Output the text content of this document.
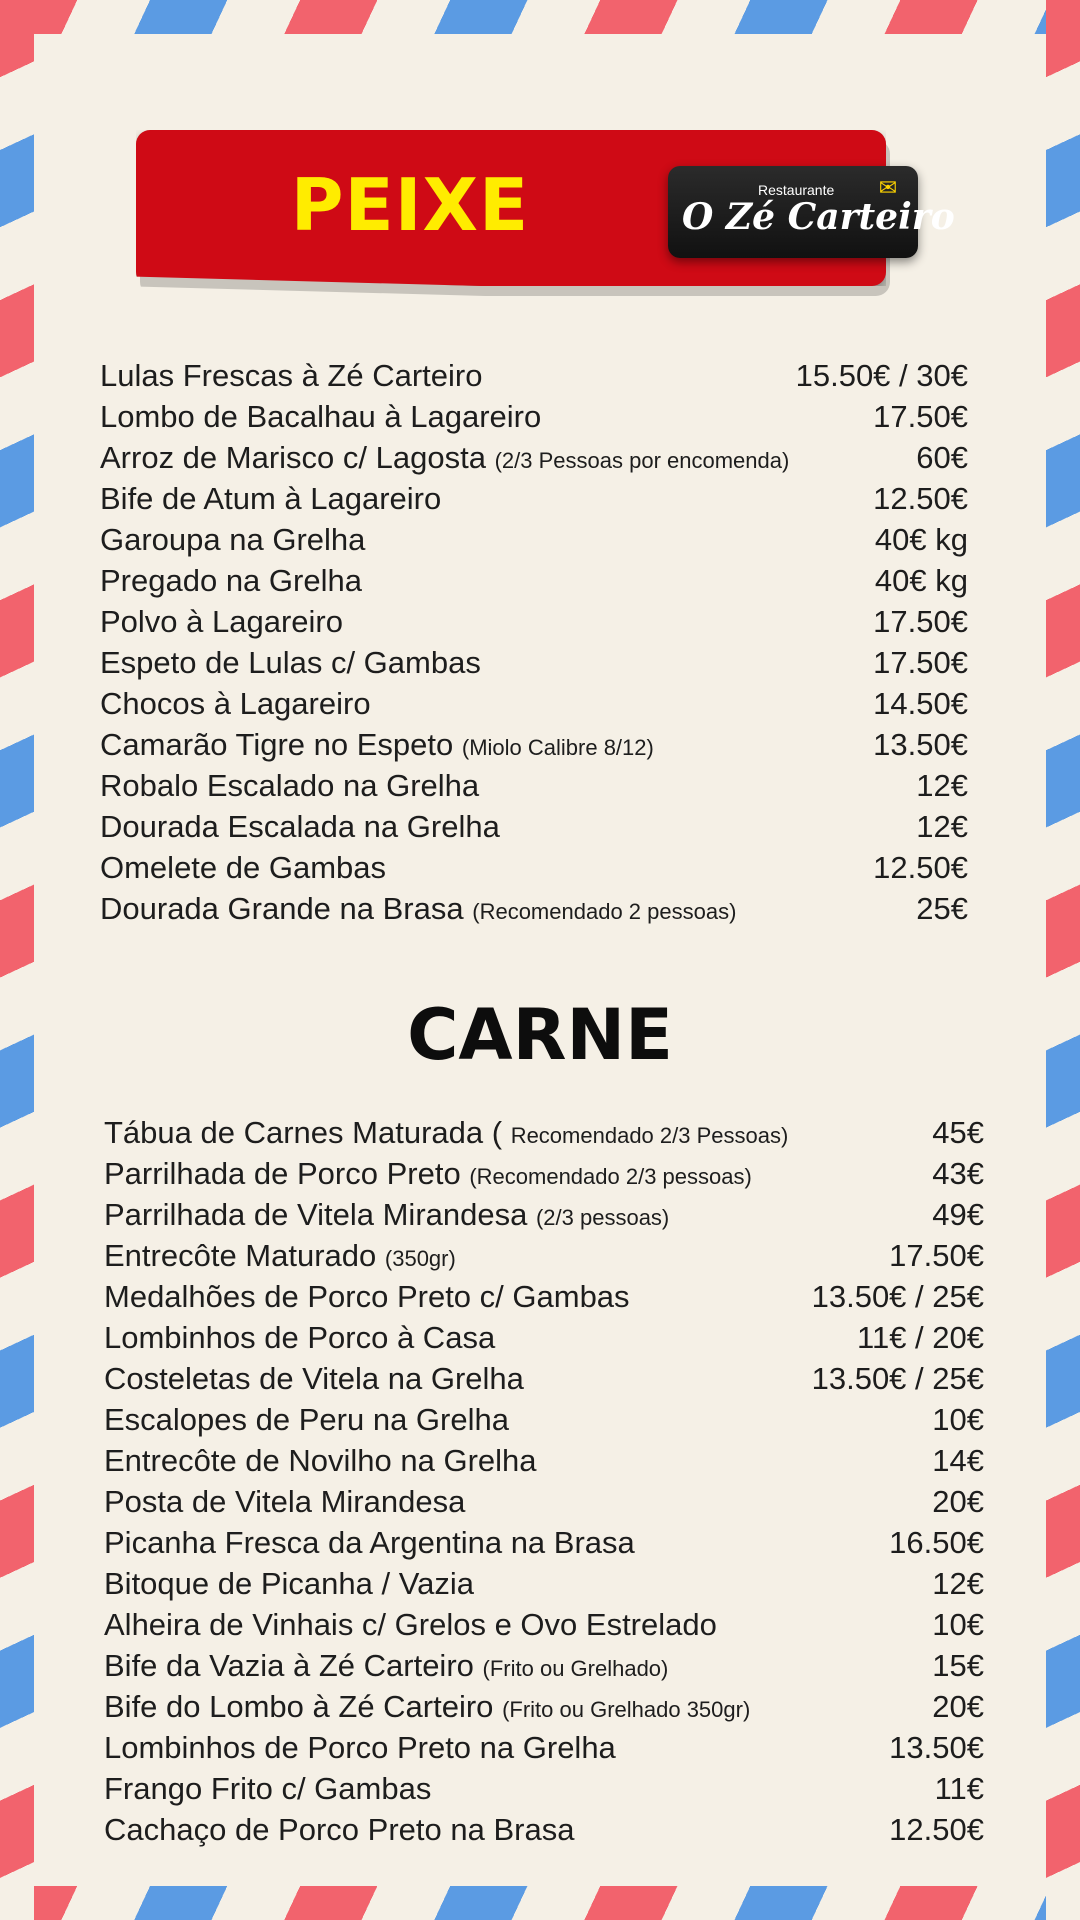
PEIXE	Restaurante
O Zé Carteiro
✉
Lulas Frescas à Zé Carteiro	15.50€ / 30€
Lombo de Bacalhau à Lagareiro	17.50€
Arroz de Marisco c/ Lagosta (2/3 Pessoas por encomenda)	60€
Bife de Atum à Lagareiro	12.50€
Garoupa na Grelha	40€ kg
Pregado na Grelha	40€ kg
Polvo à Lagareiro	17.50€
Espeto de Lulas c/ Gambas	17.50€
Chocos à Lagareiro	14.50€
Camarão Tigre no Espeto (Miolo Calibre 8/12)	13.50€
Robalo Escalado na Grelha	12€
Dourada Escalada na Grelha	12€
Omelete de Gambas	12.50€
Dourada Grande na Brasa (Recomendado 2 pessoas)	25€
CARNE
Tábua de Carnes Maturada ( Recomendado 2/3 Pessoas)	45€
Parrilhada de Porco Preto (Recomendado 2/3 pessoas)	43€
Parrilhada de Vitela Mirandesa (2/3 pessoas)	49€
Entrecôte Maturado (350gr)	17.50€
Medalhões de Porco Preto c/ Gambas	13.50€ / 25€
Lombinhos de Porco à Casa	11€ / 20€
Costeletas de Vitela na Grelha	13.50€ / 25€
Escalopes de Peru na Grelha	10€
Entrecôte de Novilho na Grelha	14€
Posta de Vitela Mirandesa	20€
Picanha Fresca da Argentina na Brasa	16.50€
Bitoque de Picanha / Vazia	12€
Alheira de Vinhais c/ Grelos e Ovo Estrelado	10€
Bife da Vazia à Zé Carteiro (Frito ou Grelhado)	15€
Bife do Lombo à Zé Carteiro (Frito ou Grelhado 350gr)	20€
Lombinhos de Porco Preto na Grelha	13.50€
Frango Frito c/ Gambas	11€
Cachaço de Porco Preto na Brasa	12.50€
